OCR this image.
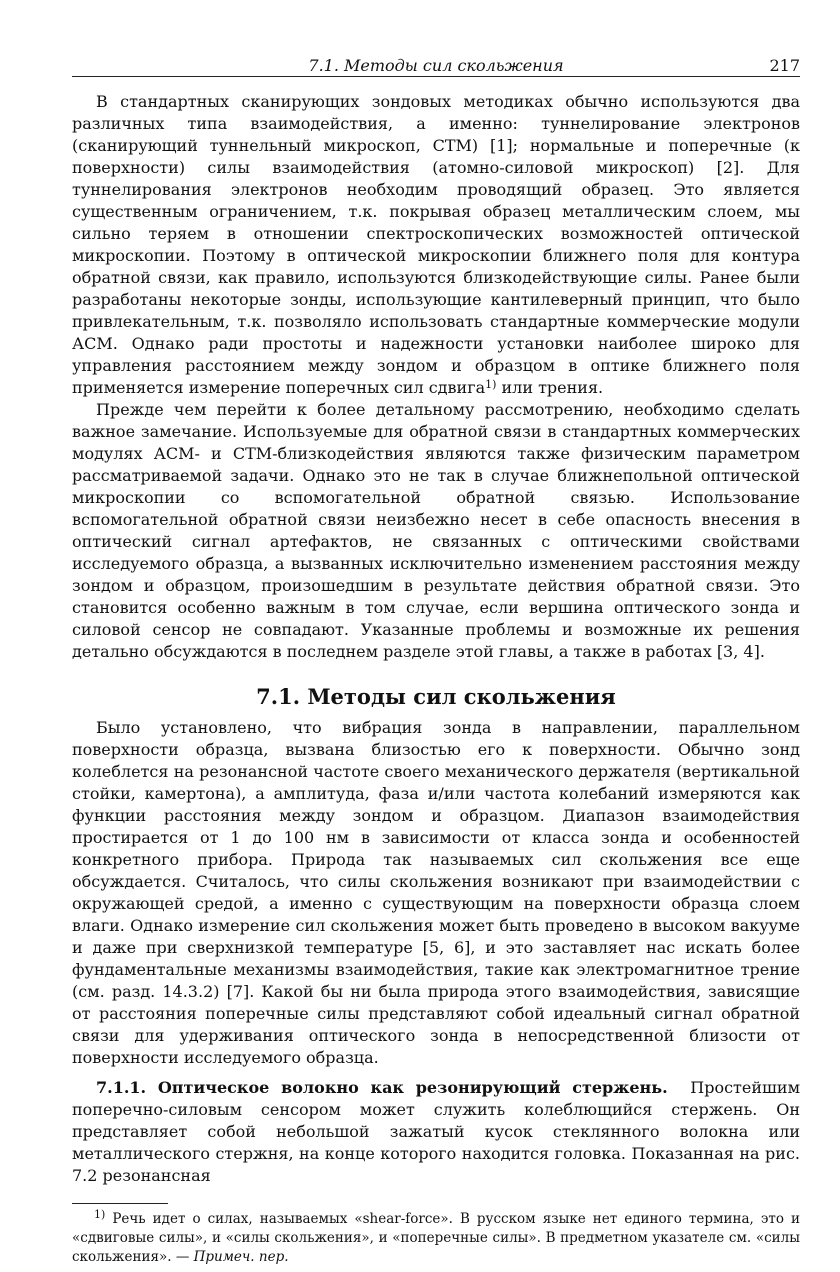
7.1. Методы сил скольжения	217

В стандартных сканирующих зондовых методиках обычно используются два различных типа взаимодействия, а именно: туннелирование электронов (сканирующий туннельный микроскоп, СТМ) [1]; нормальные и поперечные (к поверхности) силы взаимодействия (атомно-силовой микроскоп) [2]. Для туннелирования электронов необходим проводящий образец. Это является существенным ограничением, т.к. покрывая образец металлическим слоем, мы сильно теряем в отношении спектроскопических возможностей оптической микроскопии. Поэтому в оптической микроскопии ближнего поля для контура обратной связи, как правило, используются близкодействующие силы. Ранее были разработаны некоторые зонды, использующие кантилеверный принцип, что было привлекательным, т.к. позволяло использовать стандартные коммерческие модули АСМ. Однако ради простоты и надежности установки наиболее широко для управления расстоянием между зондом и образцом в оптике ближнего поля применяется измерение поперечных сил сдвига$^{1)}$ или трения.

Прежде чем перейти к более детальному рассмотрению, необходимо сделать важное замечание. Используемые для обратной связи в стандартных коммерческих модулях АСМ- и СТМ-близкодействия являются также физическим параметром рассматриваемой задачи. Однако это не так в случае ближнепольной оптической микроскопии со вспомогательной обратной связью. Использование вспомогательной обратной связи неизбежно несет в себе опасность внесения в оптический сигнал артефактов, не связанных с оптическими свойствами исследуемого образца, а вызванных исключительно изменением расстояния между зондом и образцом, произошедшим в результате действия обратной связи. Это становится особенно важным в том случае, если вершина оптического зонда и силовой сенсор не совпадают. Указанные проблемы и возможные их решения детально обсуждаются в последнем разделе этой главы, а также в работах [3, 4].

7.1. Методы сил скольжения

Было установлено, что вибрация зонда в направлении, параллельном поверхности образца, вызвана близостью его к поверхности. Обычно зонд колеблется на резонансной частоте своего механического держателя (вертикальной стойки, камертона), а амплитуда, фаза и/или частота колебаний измеряются как функции расстояния между зондом и образцом. Диапазон взаимодействия простирается от 1 до 100 нм в зависимости от класса зонда и особенностей конкретного прибора. Природа так называемых сил скольжения все еще обсуждается. Считалось, что силы скольжения возникают при взаимодействии с окружающей средой, а именно с существующим на поверхности образца слоем влаги. Однако измерение сил скольжения может быть проведено в высоком вакууме и даже при сверхнизкой температуре [5, 6], и это заставляет нас искать более фундаментальные механизмы взаимодействия, такие как электромагнитное трение (см. разд. 14.3.2) [7]. Какой бы ни была природа этого взаимодействия, зависящие от расстояния поперечные силы представляют собой идеальный сигнал обратной связи для удерживания оптического зонда в непосредственной близости от поверхности исследуемого образца.

7.1.1. Оптическое волокно как резонирующий стержень. Простейшим поперечно-силовым сенсором может служить колеблющийся стержень. Он представляет собой небольшой зажатый кусок стеклянного волокна или металлического стержня, на конце которого находится головка. Показанная на рис. 7.2 резонансная

$^{1)}$ Речь идет о силах, называемых «shear-force». В русском языке нет единого термина, это и «сдвиговые силы», и «силы скольжения», и «поперечные силы». В предметном указателе см. «силы скольжения». — Примеч. пер.
